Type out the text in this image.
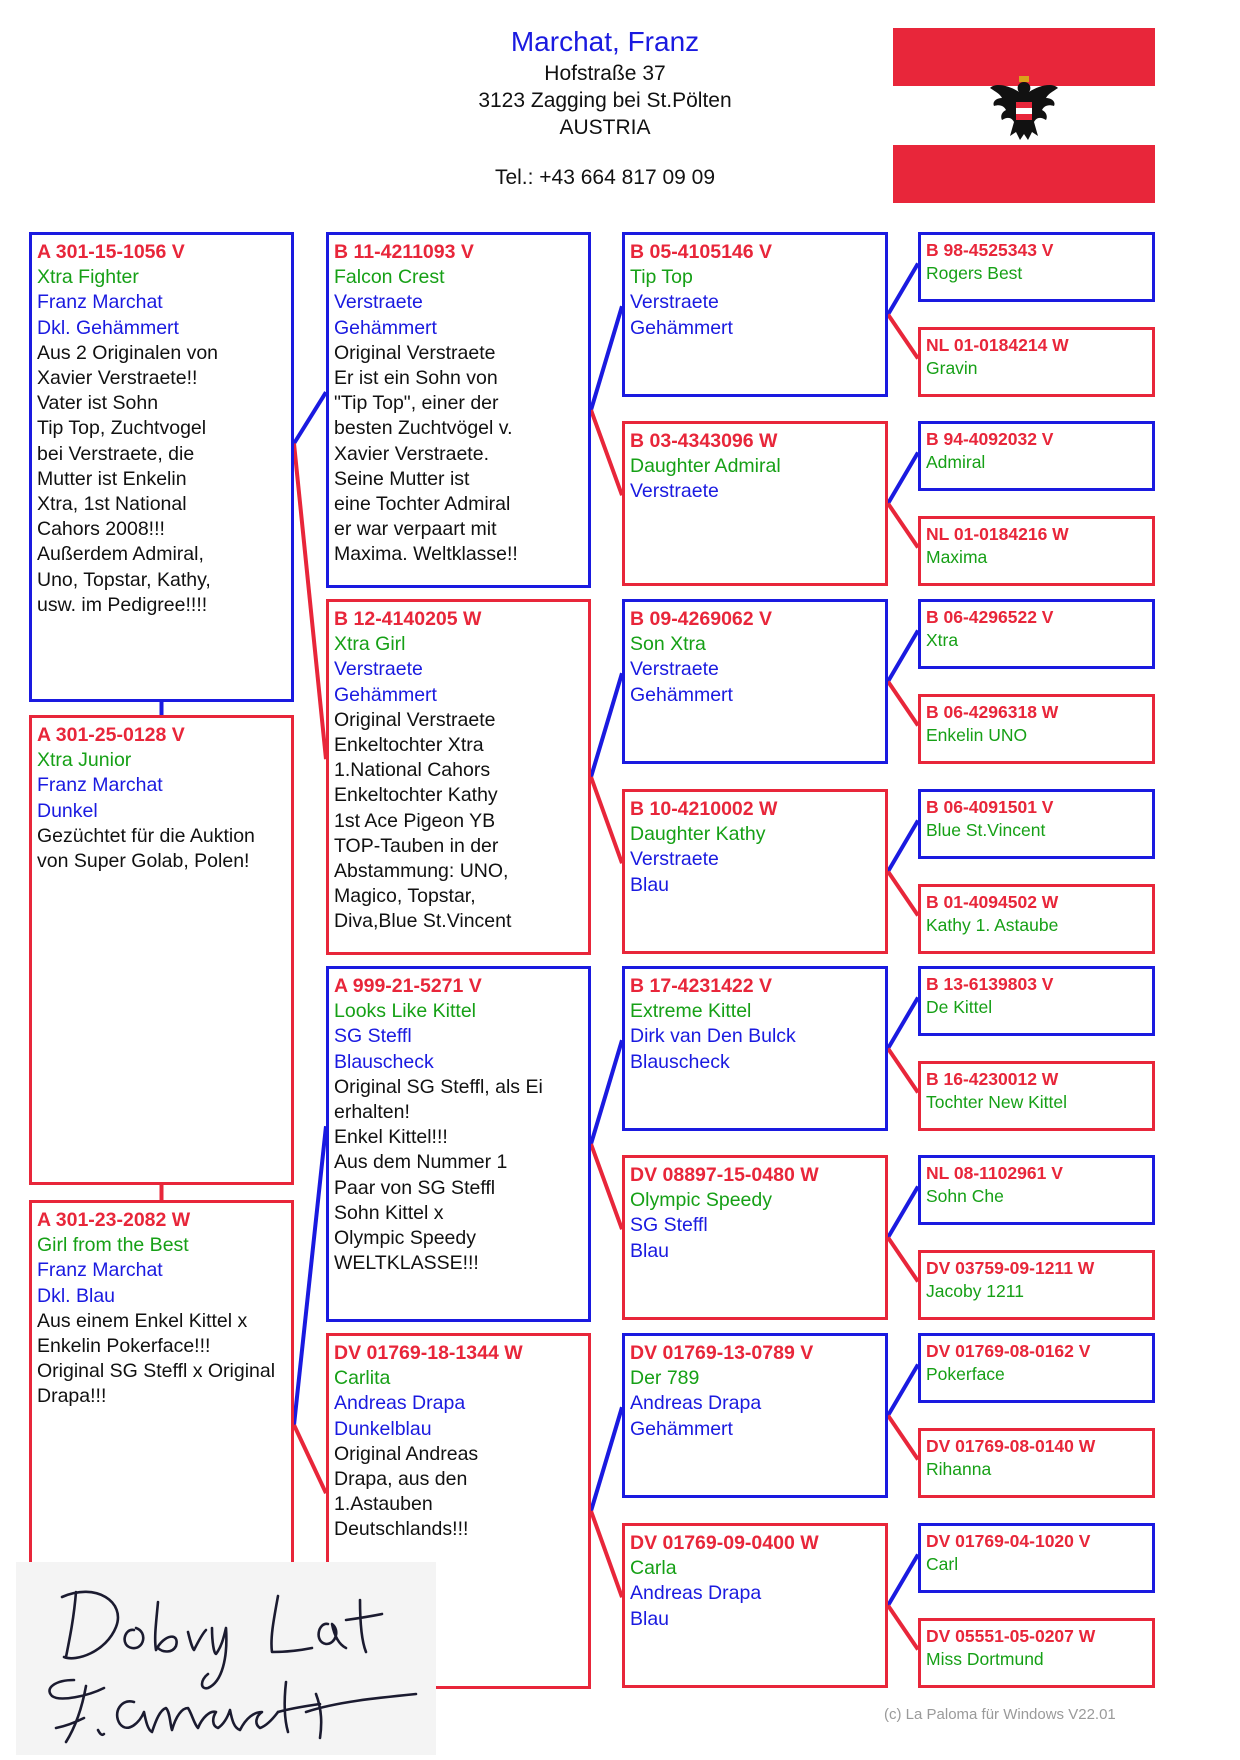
Marchat, Franz
Hofstraße 37
3123 Zagging bei St.Pölten
AUSTRIA
Tel.: +43 664 817 09 09
A 301-15-1056 V
Xtra Fighter
Franz Marchat
Dkl. Gehämmert
Aus 2 Originalen von
Xavier Verstraete!!
Vater ist Sohn
Tip Top, Zuchtvogel
bei Verstraete, die
Mutter ist Enkelin
Xtra, 1st National
Cahors 2008!!!
Außerdem Admiral,
Uno, Topstar, Kathy,
usw. im Pedigree!!!!
A 301-25-0128 V
Xtra Junior
Franz Marchat
Dunkel
Gezüchtet für die Auktion
von Super Golab, Polen!
A 301-23-2082 W
Girl from the Best
Franz Marchat
Dkl. Blau
Aus einem Enkel Kittel x
Enkelin Pokerface!!!
Original SG Steffl x Original
Drapa!!!
B 11-4211093 V
Falcon Crest
Verstraete
Gehämmert
Original Verstraete
Er ist ein Sohn von
"Tip Top", einer der
besten Zuchtvögel v.
Xavier Verstraete.
Seine Mutter ist
eine Tochter Admiral
er war verpaart mit
Maxima. Weltklasse!!
B 12-4140205 W
Xtra Girl
Verstraete
Gehämmert
Original Verstraete
Enkeltochter Xtra
1.National Cahors
Enkeltochter Kathy
1st Ace Pigeon YB
TOP-Tauben in der
Abstammung: UNO,
Magico, Topstar,
Diva,Blue St.Vincent
A 999-21-5271 V
Looks Like Kittel
SG Steffl
Blauscheck
Original SG Steffl, als Ei
erhalten!
Enkel Kittel!!!
Aus dem Nummer 1
Paar von SG Steffl
Sohn Kittel x
Olympic Speedy
WELTKLASSE!!!
DV 01769-18-1344 W
Carlita
Andreas Drapa
Dunkelblau
Original Andreas
Drapa, aus den
1.Astauben
Deutschlands!!!
B 05-4105146 V
Tip Top
Verstraete
Gehämmert
B 03-4343096 W
Daughter Admiral
Verstraete
B 09-4269062 V
Son Xtra
Verstraete
Gehämmert
B 10-4210002 W
Daughter Kathy
Verstraete
Blau
B 17-4231422 V
Extreme Kittel
Dirk van Den Bulck
Blauscheck
DV 08897-15-0480 W
Olympic Speedy
SG Steffl
Blau
DV 01769-13-0789 V
Der 789
Andreas Drapa
Gehämmert
DV 01769-09-0400 W
Carla
Andreas Drapa
Blau
B 98-4525343 V
Rogers Best
NL 01-0184214 W
Gravin
B 94-4092032 V
Admiral
NL 01-0184216 W
Maxima
B 06-4296522 V
Xtra
B 06-4296318 W
Enkelin UNO
B 06-4091501 V
Blue St.Vincent
B 01-4094502 W
Kathy 1. Astaube
B 13-6139803 V
De Kittel
B 16-4230012 W
Tochter New Kittel
NL 08-1102961 V
Sohn Che
DV 03759-09-1211 W
Jacoby 1211
DV 01769-08-0162 V
Pokerface
DV 01769-08-0140 W
Rihanna
DV 01769-04-1020 V
Carl
DV 05551-05-0207 W
Miss Dortmund
(c) La Paloma für Windows V22.01
